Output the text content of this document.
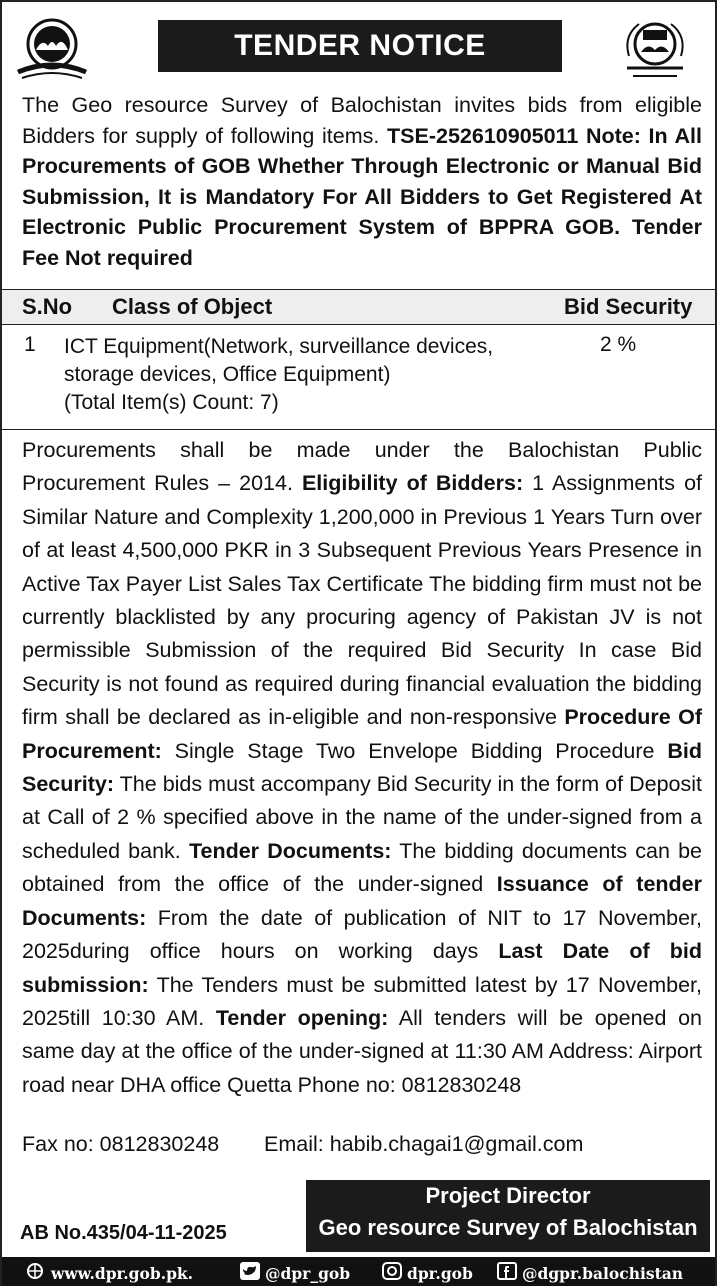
TENDER NOTICE

The Geo resource Survey of Balochistan invites bids from eligible Bidders for supply of following items. TSE-252610905011 Note: In All Procurements of GOB Whether Through Electronic or Manual Bid Submission, It is Mandatory For All Bidders to Get Registered At Electronic Public Procurement System of BPPRA GOB. Tender Fee Not required

S.No Class of Object	Bid Security
1 ICT Equipment(Network, surveillance devices,
storage devices, Office Equipment)
(Total Item(s) Count: 7)
2 %

Procurements shall be made under the Balochistan Public Procurement Rules – 2014. Eligibility of Bidders: 1 Assignments of Similar Nature and Complexity 1,200,000 in Previous 1 Years Turn over of at least 4,500,000 PKR in 3 Subsequent Previous Years Presence in Active Tax Payer List Sales Tax Certificate The bidding firm must not be currently blacklisted by any procuring agency of Pakistan JV is not permissible Submission of the required Bid Security In case Bid Security is not found as required during financial evaluation the bidding firm shall be declared as in-eligible and non-responsive Procedure Of Procurement: Single Stage Two Envelope Bidding Procedure Bid Security: The bids must accompany Bid Security in the form of Deposit at Call of 2 % specified above in the name of the under-signed from a scheduled bank. Tender Documents: The bidding documents can be obtained from the office of the under-signed Issuance of tender Documents: From the date of publication of NIT to 17 November, 2025during office hours on working days Last Date of bid submission: The Tenders must be submitted latest by 17 November, 2025till 10:30 AM. Tender opening: All tenders will be opened on same day at the office of the under-signed at 11:30 AM Address: Airport road near DHA office Quetta Phone no: 0812830248

Fax no: 0812830248 Email: habib.chagai1@gmail.com
Project Director
Geo resource Survey of Balochistan
AB No.435/04-11-2025
www.dpr.gob.pk.	@dpr_gob	dpr.gob	@dgpr.balochistan
